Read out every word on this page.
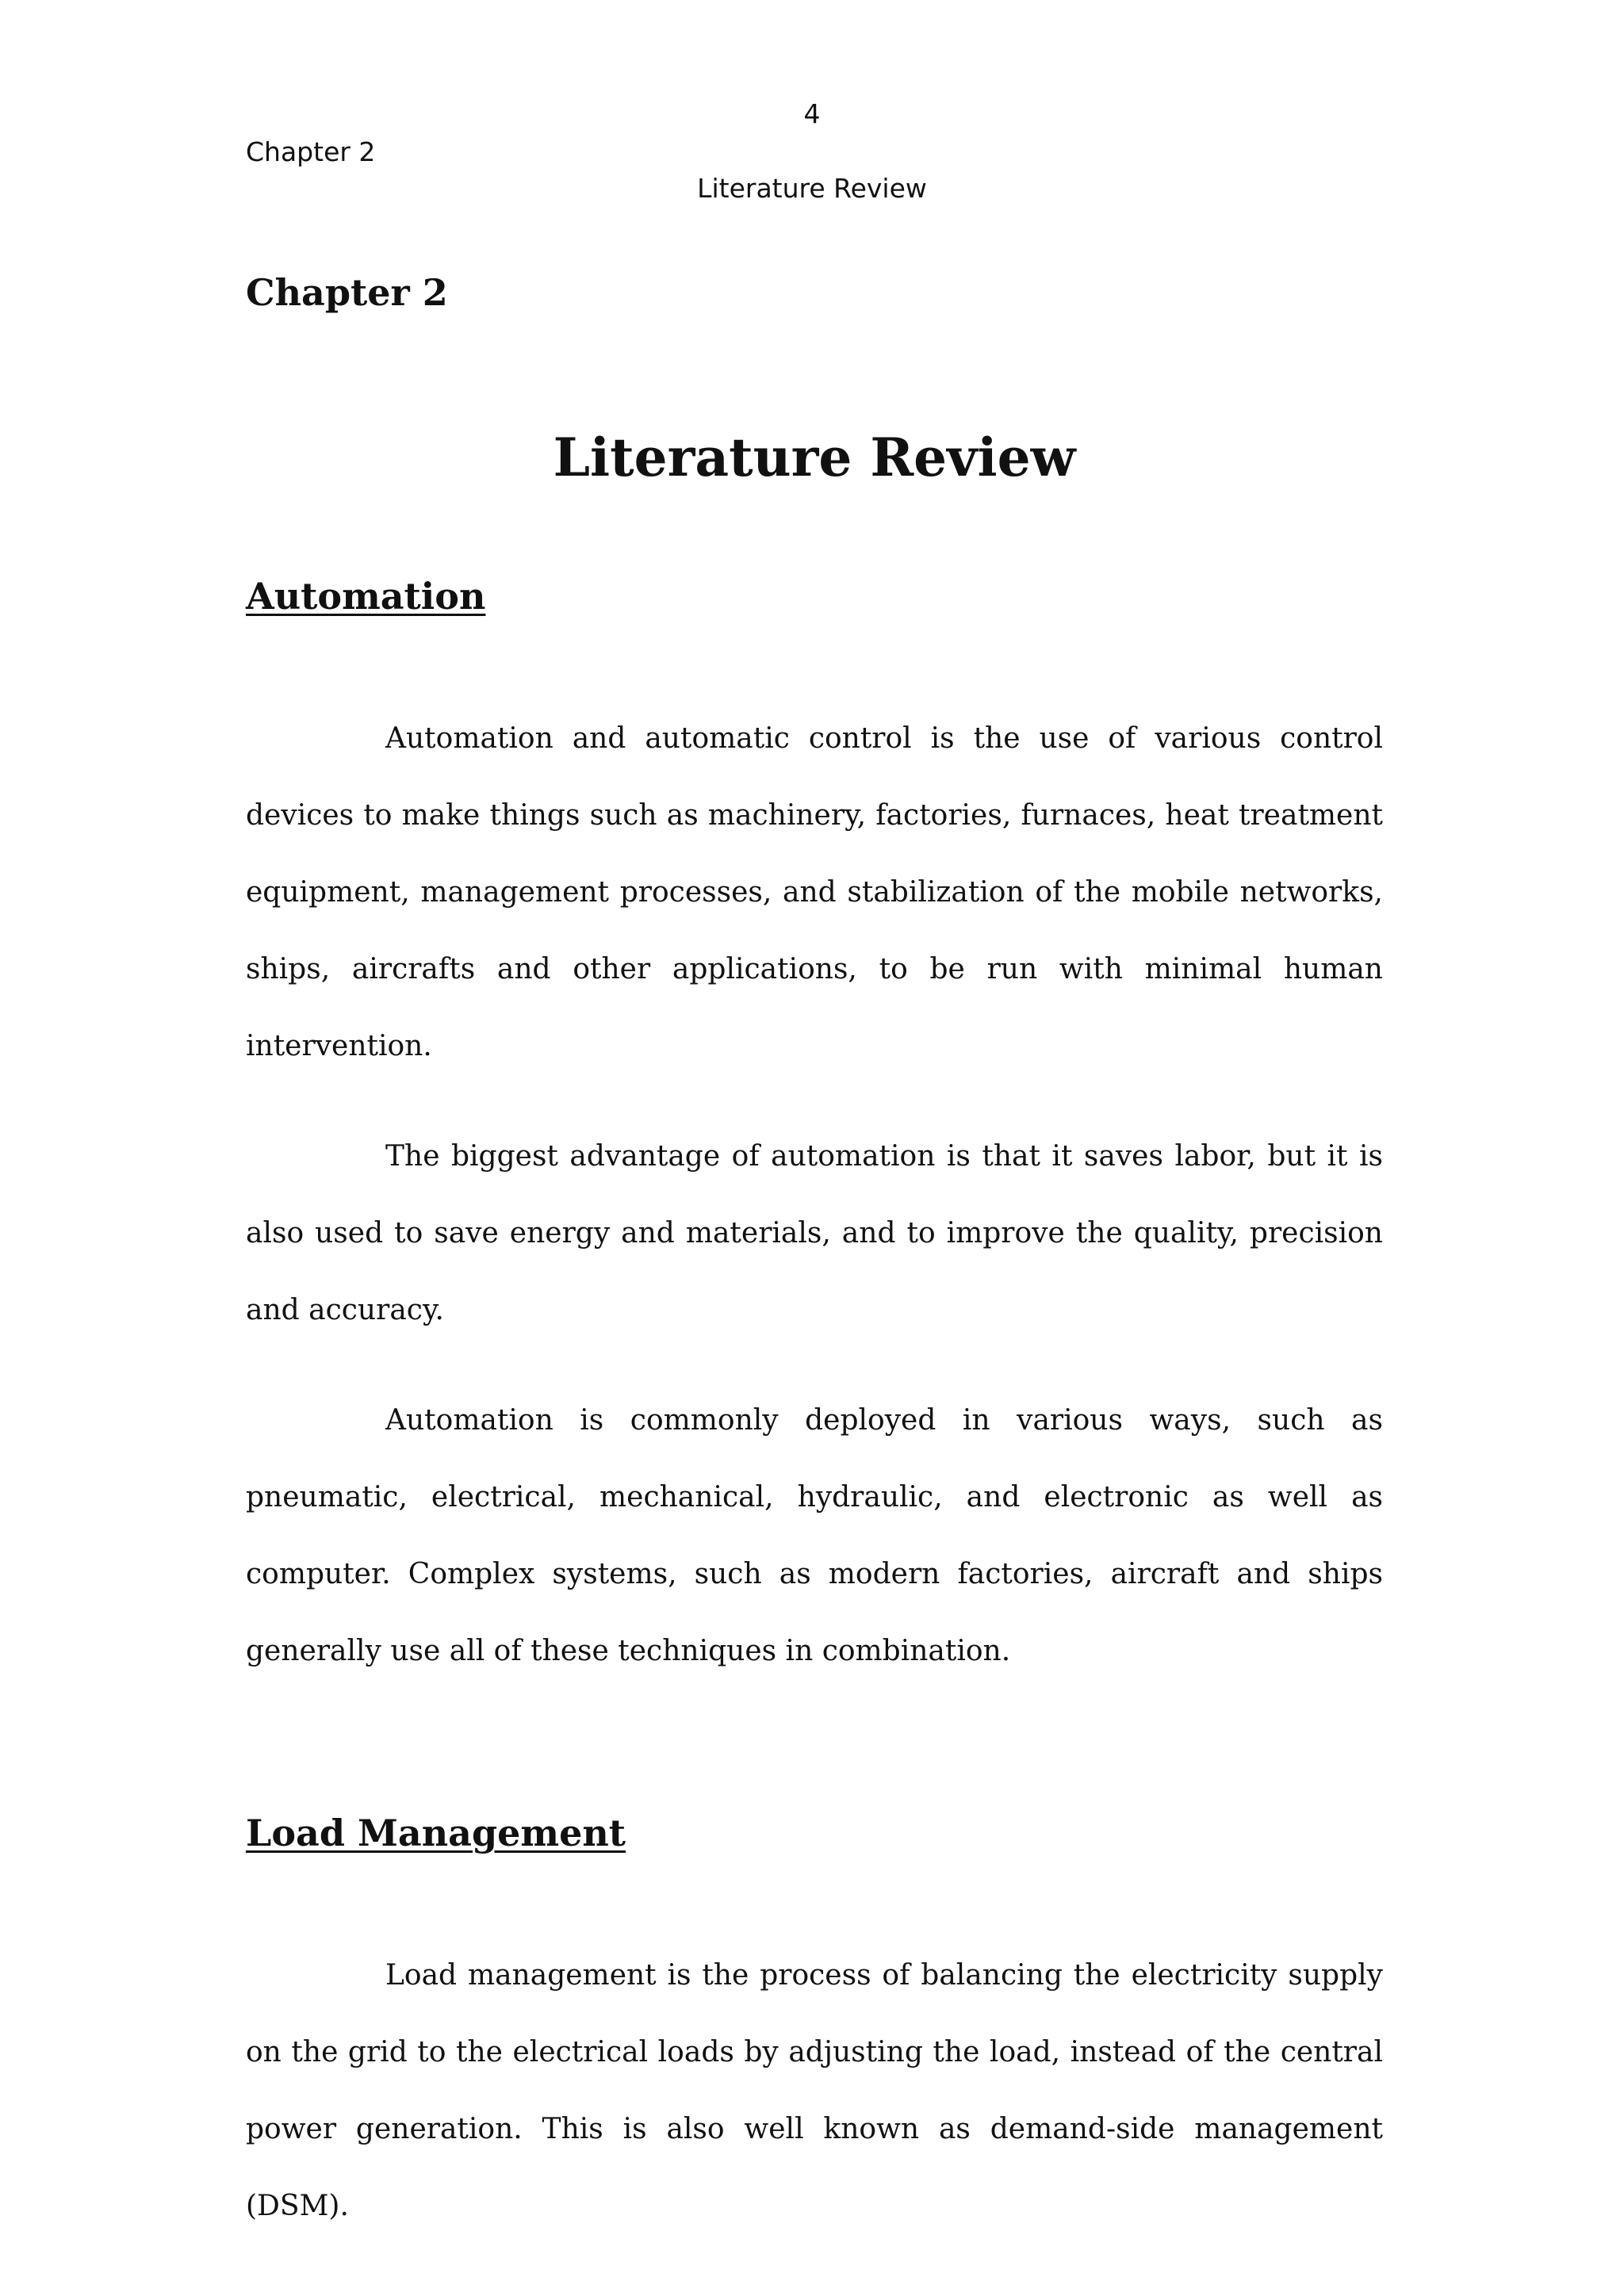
4
Chapter 2
Literature Review
Chapter 2
Literature Review
Automation

Automation and automatic control is the use of various control devices to make things such as machinery, factories, furnaces, heat treatment equipment, management processes, and stabilization of the mobile networks, ships, aircrafts and other applications, to be run with minimal human intervention.

The biggest advantage of automation is that it saves labor, but it is also used to save energy and materials, and to improve the quality, precision and accuracy.

Automation is commonly deployed in various ways, such as pneumatic, electrical, mechanical, hydraulic, and electronic as well as computer. Complex systems, such as modern factories, aircraft and ships generally use all of these techniques in combination.

Load Management

Load management is the process of balancing the electricity supply on the grid to the electrical loads by adjusting the load, instead of the central power generation. This is also well known as demand-side management (DSM).
